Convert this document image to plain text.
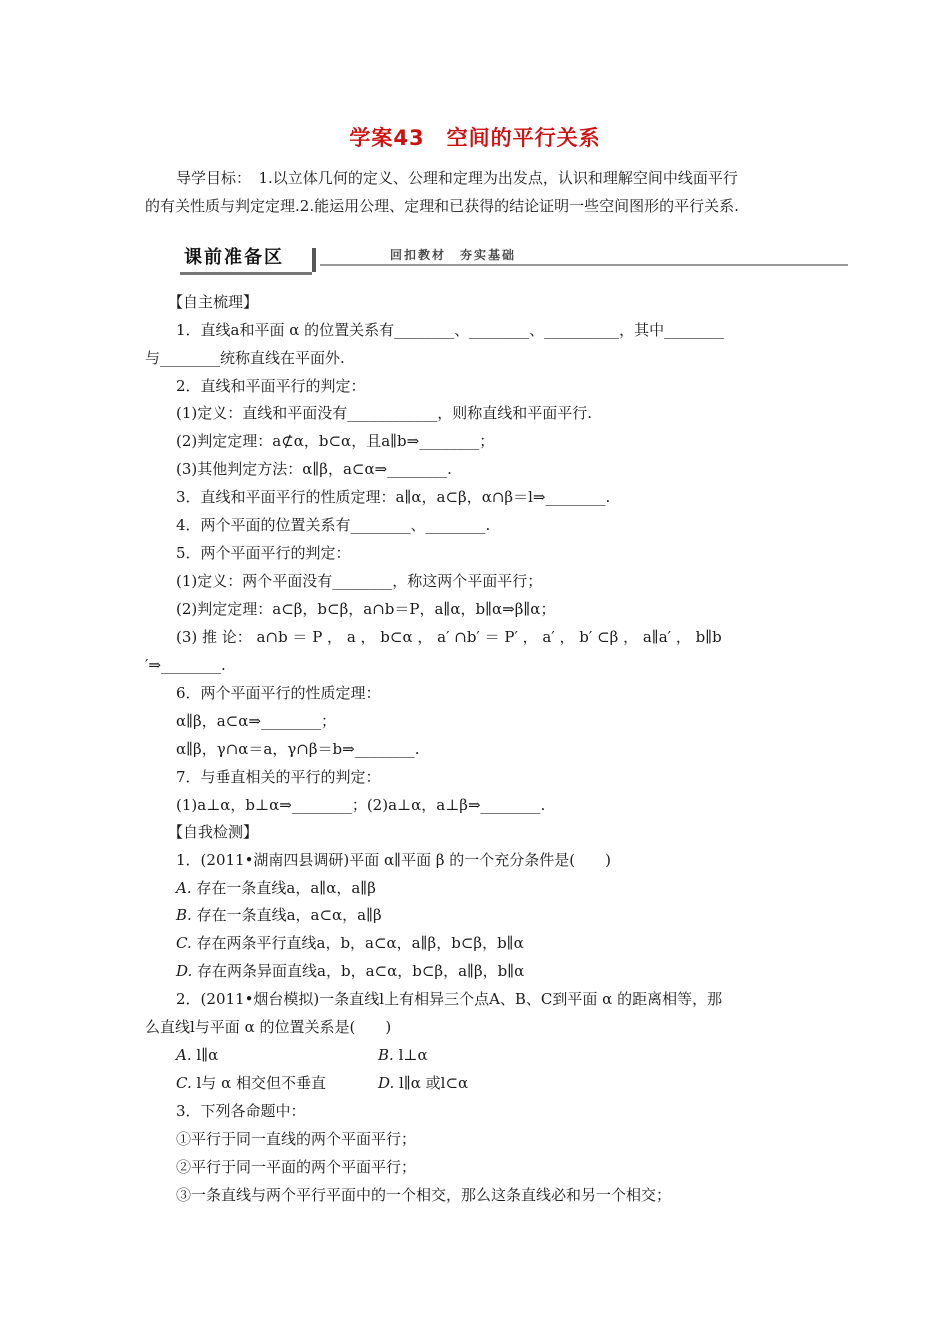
学案43　空间的平行关系
导学目标：　1.以立体几何的定义、公理和定理为出发点，认识和理解空间中线面平行
的有关性质与判定定理.2.能运用公理、定理和已获得的结论证明一些空间图形的平行关系.
课前准备区	回扣教材　夯实基础
【自主梳理】
1．直线a和平面 α 的位置关系有________、________、__________，其中________
与________统称直线在平面外.
2．直线和平面平行的判定：
(1)定义：直线和平面没有____________，则称直线和平面平行.
(2)判定定理：a⊄α，b⊂α，且a∥b⇒________；
(3)其他判定方法：α∥β，a⊂α⇒________.
3．直线和平面平行的性质定理：a∥α，a⊂β，α∩β＝l⇒________.
4．两个平面的位置关系有________、________.
5．两个平面平行的判定：
(1)定义：两个平面没有________，称这两个平面平行；
(2)判定定理：a⊂β，b⊂β，a∩b＝P，a∥α，b∥α⇒β∥α；
(3) 推 论： a∩b ＝ P ， a ， b⊂α ， a′ ∩b′ ＝ P′ ， a′ ， b′ ⊂β ， a∥a′ ， b∥b
′⇒________.
6．两个平面平行的性质定理：
α∥β，a⊂α⇒________；
α∥β，γ∩α＝a，γ∩β＝b⇒________.
7．与垂直相关的平行的判定：
(1)a⊥α，b⊥α⇒________；(2)a⊥α，a⊥β⇒________.
【自我检测】
1．(2011•湖南四县调研)平面 α∥平面 β 的一个充分条件是(　　)
A. 存在一条直线a，a∥α，a∥β
B. 存在一条直线a，a⊂α，a∥β
C. 存在两条平行直线a，b，a⊂α，a∥β，b⊂β，b∥α
D. 存在两条异面直线a，b，a⊂α，b⊂β，a∥β，b∥α
2．(2011•烟台模拟)一条直线l上有相异三个点A、B、C到平面 α 的距离相等，那
么直线l与平面 α 的位置关系是(　　)
A. l∥α	B. l⊥α
C. l与 α 相交但不垂直	D. l∥α 或l⊂α
3．下列各命题中：
①平行于同一直线的两个平面平行；
②平行于同一平面的两个平面平行；
③一条直线与两个平行平面中的一个相交，那么这条直线必和另一个相交；
